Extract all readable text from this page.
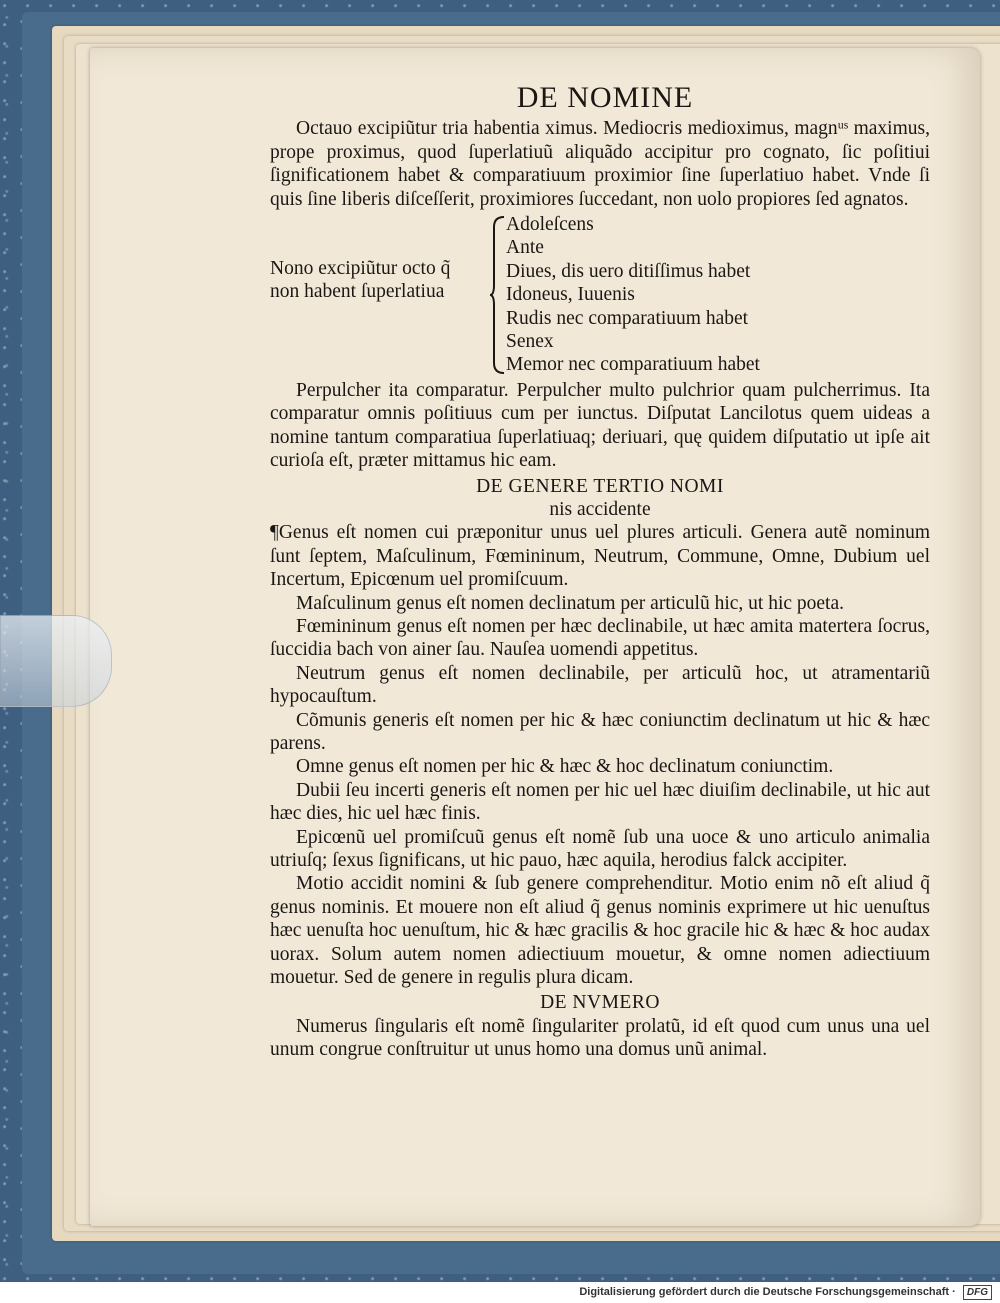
DE NOMINE

Octauo excipiũtur tria habentia ximus. Mediocris medioximus, magnᵘˢ maximus, prope proximus, quod ſuperlatiuũ aliquãdo accipitur pro cognato, ſic poſitiui ſignificationem habet & comparatiuum proximior ſine ſuperlatiuo habet. Vnde ſi quis ſine liberis diſceſſerit, proximiores ſuccedant, non uolo propiores ſed agnatos.

Nono excipiũtur octo q̃
non habent ſuperlatiua
Adoleſcens
Ante
Diues, dis uero ditiſſimus habet
Idoneus, Iuuenis
Rudis nec comparatiuum habet
Senex
Memor nec comparatiuum habet

Perpulcher ita comparatur. Perpulcher multo pulchrior quam pulcherrimus. Ita comparatur omnis poſitiuus cum per iunctus. Diſputat Lancilotus quem uideas a nomine tantum comparatiua ſuperlatiuaq; deriuari, quę quidem diſputatio ut ipſe ait curioſa eſt, præter mittamus hic eam.

DE GENERE TERTIO NOMI
nis accidente

¶Genus eſt nomen cui præponitur unus uel plures articuli. Genera autẽ nominum ſunt ſeptem, Maſculinum, Fœmininum, Neutrum, Commune, Omne, Dubium uel Incertum, Epicœnum uel promiſcuum.

Maſculinum genus eſt nomen declinatum per articulũ hic, ut hic poeta.

Fœmininum genus eſt nomen per hæc declinabile, ut hæc amita matertera ſocrus, ſuccidia bach von ainer ſau. Nauſea uomendi appetitus.

Neutrum genus eſt nomen declinabile, per articulũ hoc, ut atramentariũ hypocauſtum.

Cõmunis generis eſt nomen per hic & hæc coniunctim declinatum ut hic & hæc parens.

Omne genus eſt nomen per hic & hæc & hoc declinatum coniunctim.

Dubii ſeu incerti generis eſt nomen per hic uel hæc diuiſim declinabile, ut hic aut hæc dies, hic uel hæc finis.

Epicœnũ uel promiſcuũ genus eſt nomẽ ſub una uoce & uno articulo animalia utriuſq; ſexus ſignificans, ut hic pauo, hæc aquila, herodius falck accipiter.

Motio accidit nomini & ſub genere comprehenditur. Motio enim nõ eſt aliud q̃ genus nominis. Et mouere non eſt aliud q̃ genus nominis exprimere ut hic uenuſtus hæc uenuſta hoc uenuſtum, hic & hæc gracilis & hoc gracile hic & hæc & hoc audax uorax. Solum autem nomen adiectiuum mouetur, & omne nomen adiectiuum mouetur. Sed de genere in regulis plura dicam.

DE NVMERO

Numerus ſingularis eſt nomẽ ſingulariter prolatũ, id eſt quod cum unus una uel unum congrue conſtruitur ut unus homo una domus unũ animal.

Digitalisierung gefördert durch die Deutsche Forschungsgemeinschaft · DFG
